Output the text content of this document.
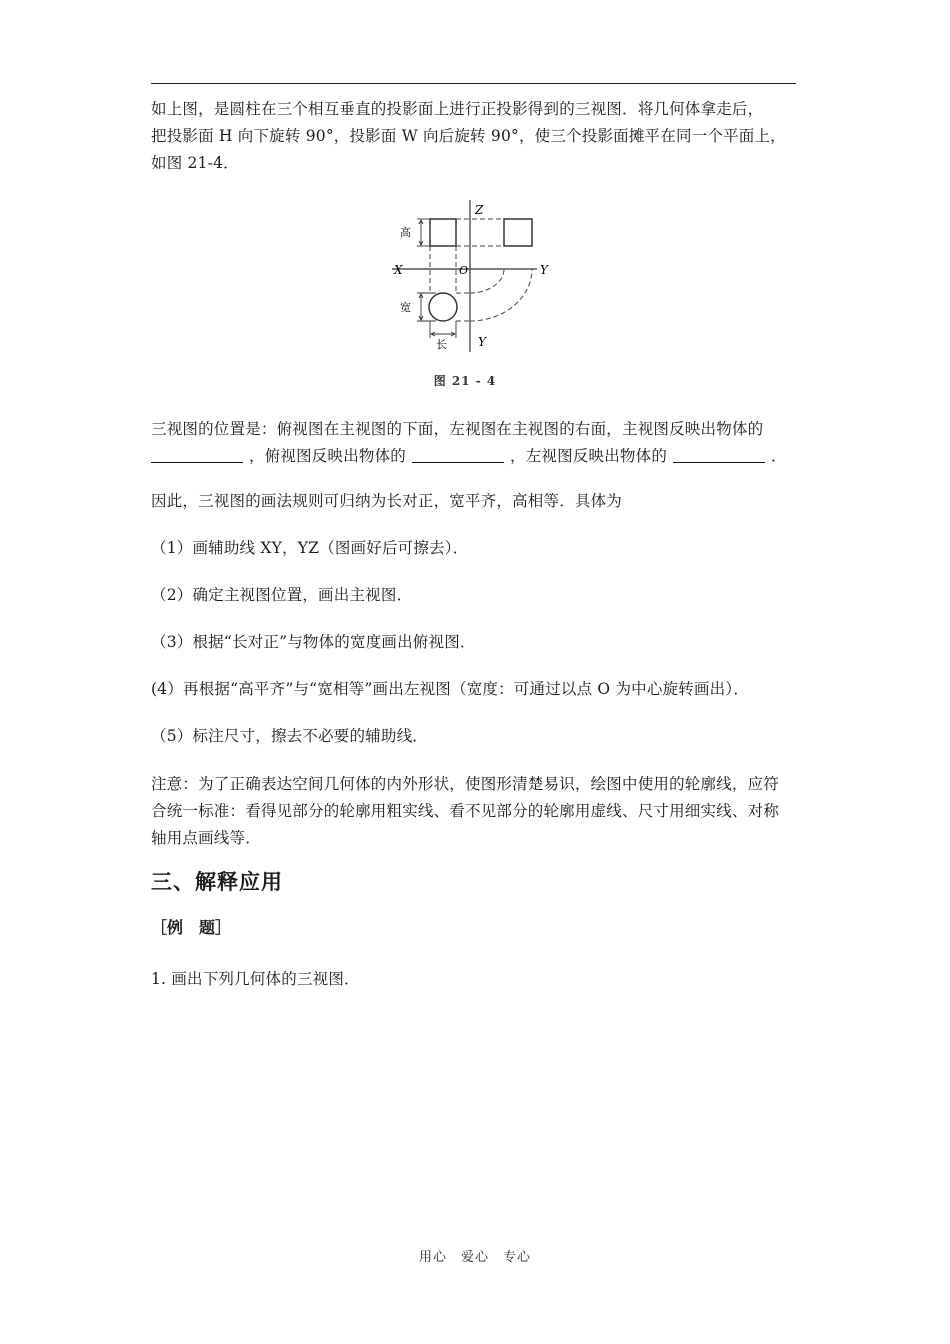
如上图，是圆柱在三个相互垂直的投影面上进行正投影得到的三视图．将几何体拿走后，
把投影面 H 向下旋转 90°，投影面 W 向后旋转 90°，使三个投影面摊平在同一个平面上，
如图 21-4．
Z
X	O	Y
Y
高
宽
长
图 21 - 4
三视图的位置是：俯视图在主视图的下面，左视图在主视图的右面，主视图反映出物体的
，俯视图反映出物体的	，左视图反映出物体的	．
因此，三视图的画法规则可归纳为长对正，宽平齐，高相等．具体为
（1）画辅助线 XY，YZ（图画好后可擦去）．
（2）确定主视图位置，画出主视图．
（3）根据“长对正”与物体的宽度画出俯视图．
(4）再根据“高平齐”与“宽相等”画出左视图（宽度：可通过以点 O 为中心旋转画出）．
（5）标注尺寸，擦去不必要的辅助线．
注意：为了正确表达空间几何体的内外形状，使图形清楚易识，绘图中使用的轮廓线，应符
合统一标准：看得见部分的轮廓用粗实线、看不见部分的轮廓用虚线、尺寸用细实线、对称
轴用点画线等．
三、解释应用
［例　题］
1. 画出下列几何体的三视图．
用心　爱心　专心
